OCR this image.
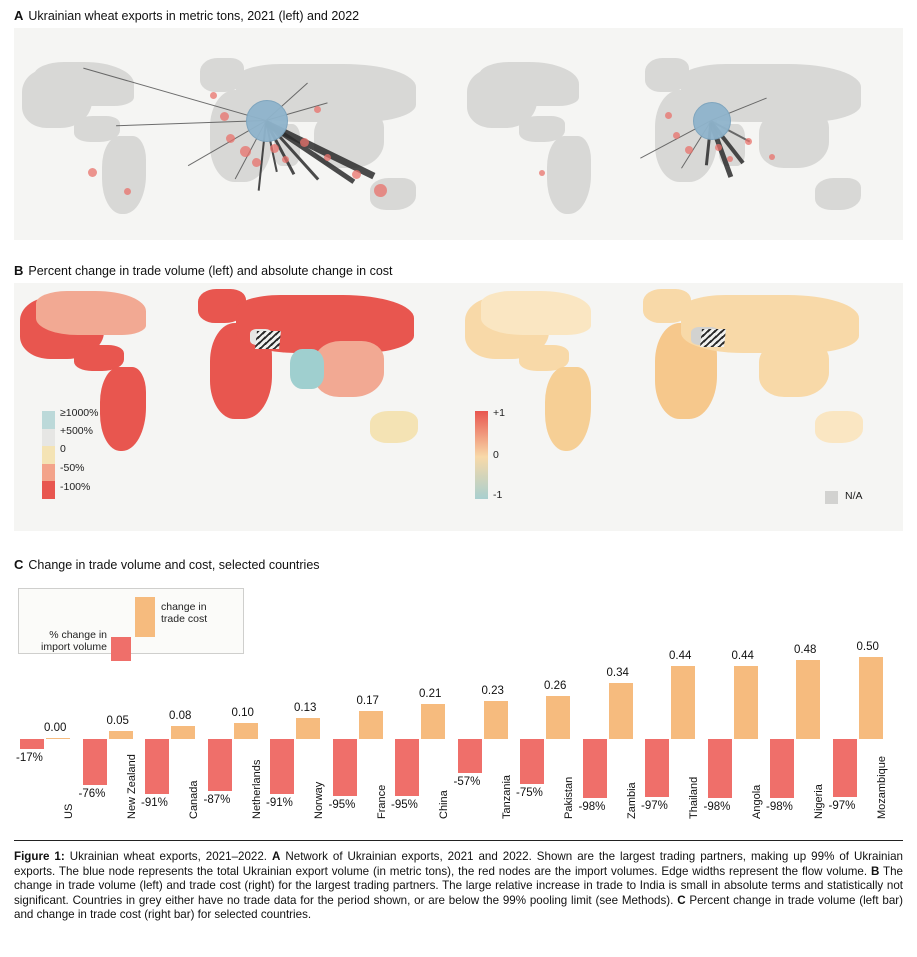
A Ukrainian wheat exports in metric tons, 2021 (left) and 2022
B Percent change in trade volume (left) and absolute change in cost
≥1000%
+500%
0
-50%
-100%
+1
0
-1	N/A
C Change in trade volume and cost, selected countries
change in
trade cost
% change in
import volume
0.00
-17%
US
0.05
-76% New Zealand
0.08
-91% Canada
0.10
-87% Netherlands
0.13
-91% Norway
0.17
-95% France
0.21
-95% China
0.23
-57% Tanzania
0.26
-75% Pakistan
0.34
-98% Zambia
0.44
-97% Thailand
0.44
-98% Angola
0.48
-98% Nigeria
0.50
-97% Mozambique
Figure 1: Ukrainian wheat exports, 2021–2022. A Network of Ukrainian exports, 2021 and 2022. Shown are the largest trading partners, making up 99% of Ukrainian exports. The blue node represents the total Ukrainian export volume (in metric tons), the red nodes are the import volumes. Edge widths represent the flow volume. B The change in trade volume (left) and trade cost (right) for the largest trading partners. The large relative increase in trade to India is small in absolute terms and statistically not significant. Countries in grey either have no trade data for the period shown, or are below the 99% pooling limit (see Methods). C Percent change in trade volume (left bar) and change in trade cost (right bar) for selected countries.
